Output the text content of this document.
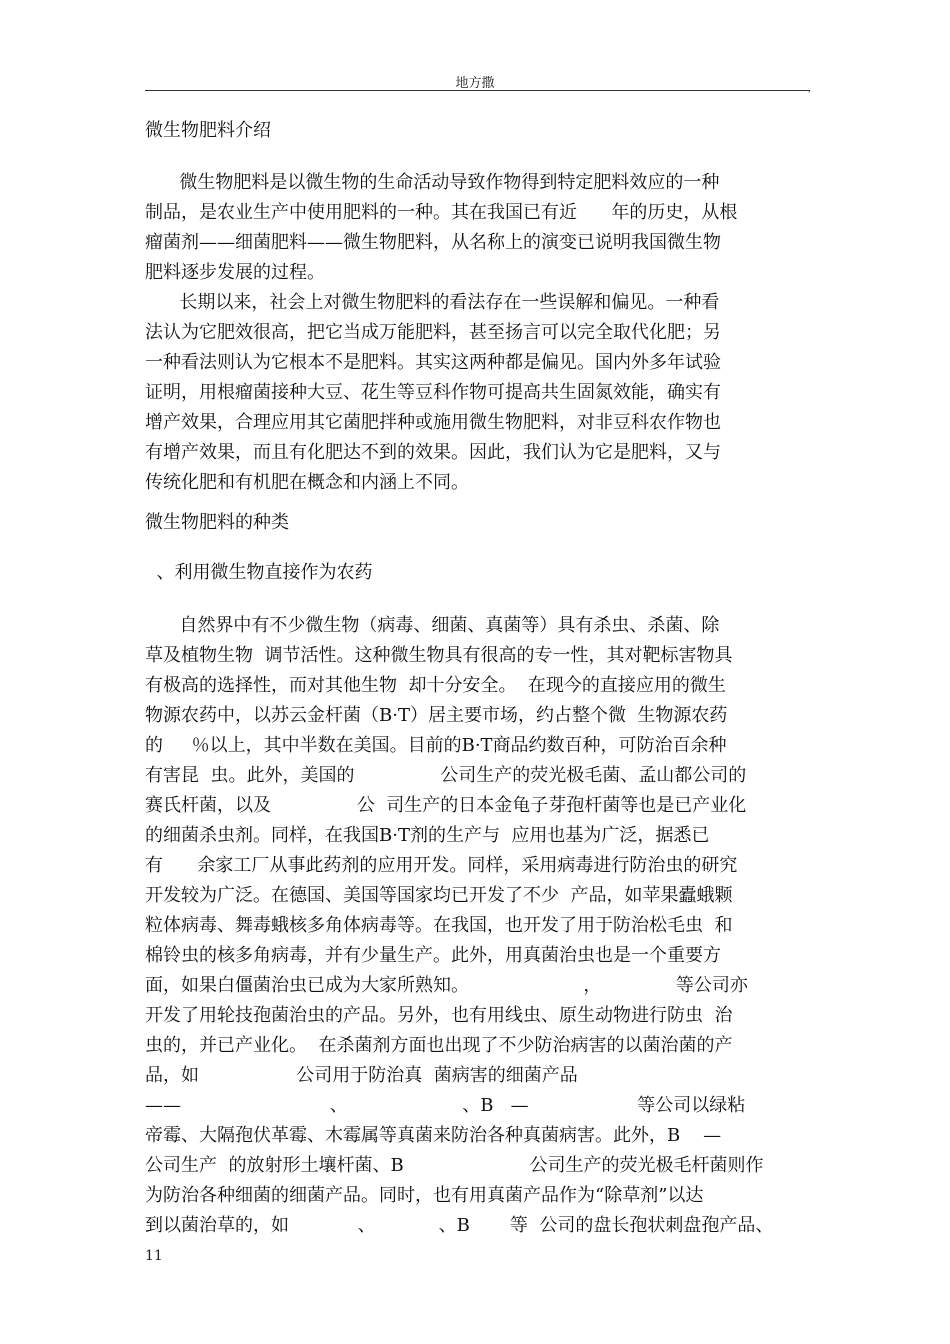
地方撒	,
微生物肥料介绍
微生物肥料是以微生物的生命活动导致作物得到特定肥料效应的一种
制品，是农业生产中使用肥料的一种。其在我国已有近      年的历史，从根
瘤菌剂——细菌肥料——微生物肥料，从名称上的演变已说明我国微生物
肥料逐步发展的过程。
长期以来，社会上对微生物肥料的看法存在一些误解和偏见。一种看
法认为它肥效很高，把它当成万能肥料，甚至扬言可以完全取代化肥；另
一种看法则认为它根本不是肥料。其实这两种都是偏见。国内外多年试验
证明，用根瘤菌接种大豆、花生等豆科作物可提高共生固氮效能，确实有
增产效果，合理应用其它菌肥拌种或施用微生物肥料，对非豆科农作物也
有增产效果，而且有化肥达不到的效果。因此，我们认为它是肥料，又与
传统化肥和有机肥在概念和内涵上不同。
微生物肥料的种类
、利用微生物直接作为农药
自然界中有不少微生物（病毒、细菌、真菌等）具有杀虫、杀菌、除
草及植物生物  调节活性。这种微生物具有很高的专一性，其对靶标害物具
有极高的选择性，而对其他生物  却十分安全。  在现今的直接应用的微生
物源农药中，以苏云金杆菌（B·T）居主要市场，约占整个微  生物源农药
的     ％以上，其中半数在美国。目前的B·T商品约数百种，可防治百余种
有害昆  虫。此外，美国的               公司生产的荧光极毛菌、孟山都公司的
赛氏杆菌，以及               公  司生产的日本金龟子芽孢杆菌等也是已产业化
的细菌杀虫剂。同样，在我国B·T剂的生产与  应用也基为广泛，据悉已
有      余家工厂从事此药剂的应用开发。同样，采用病毒进行防治虫的研究
开发较为广泛。在德国、美国等国家均已开发了不少  产品，如苹果蠹蛾颗
粒体病毒、舞毒蛾核多角体病毒等。在我国，也开发了用于防治松毛虫  和
棉铃虫的核多角病毒，并有少量生产。此外，用真菌治虫也是一个重要方
面，如果白僵菌治虫已成为大家所熟知。                    ，             等公司亦
开发了用轮技孢菌治虫的产品。另外，也有用线虫、原生动物进行防虫  治
虫的，并已产业化。  在杀菌剂方面也出现了不少防治病害的以菌治菌的产
品，如                 公司用于防治真  菌病害的细菌产品
——                          、                    、B   —                   等公司以绿粘
帝霉、大隔孢伏革霉、木霉属等真菌来防治各种真菌病害。此外，B    —
公司生产  的放射形土壤杆菌、B                      公司生产的荧光极毛杆菌则作
为防治各种细菌的细菌产品。同时，也有用真菌产品作为“除草剂”以达
到以菌治草的，如            、           、B       等  公司的盘长孢状刺盘孢产品、
11
